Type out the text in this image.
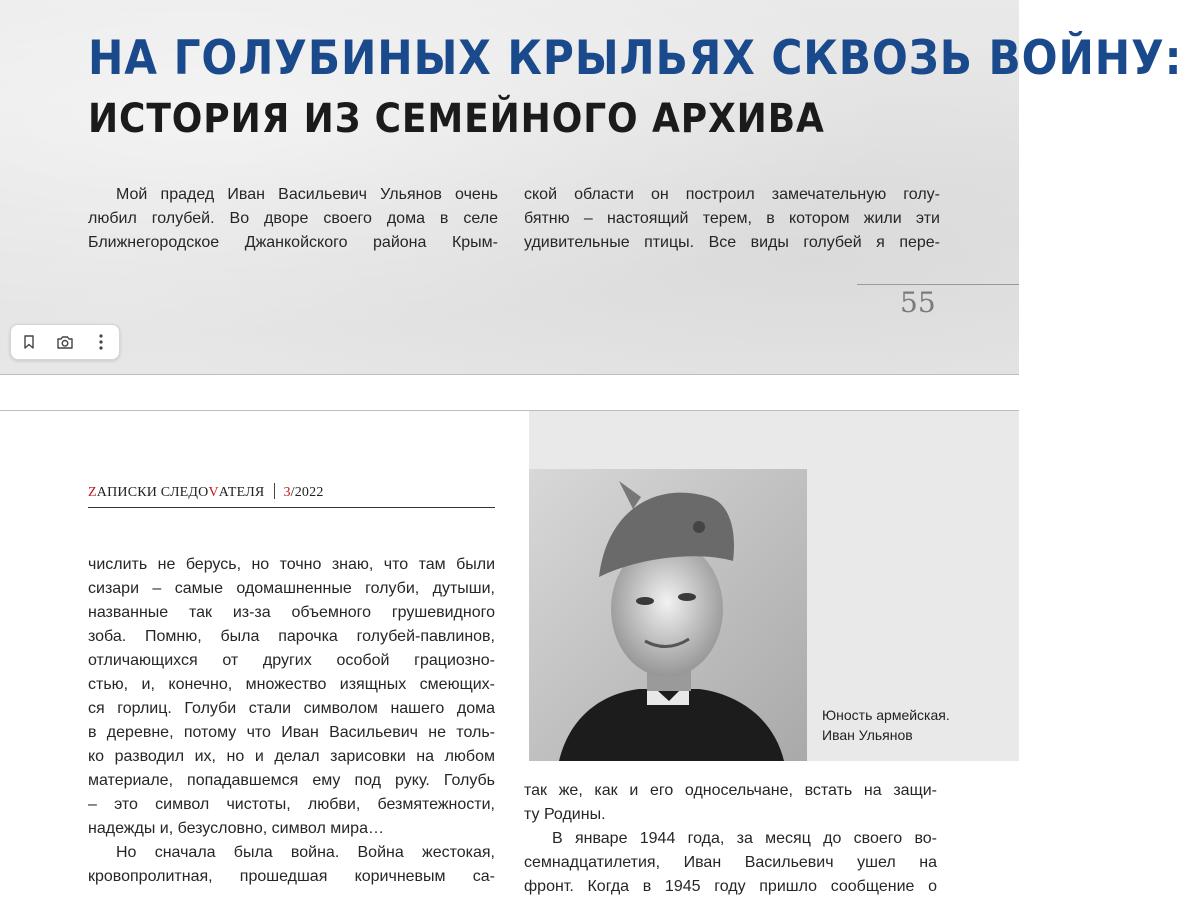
НА ГОЛУБИНЫХ КРЫЛЬЯХ СКВОЗЬ ВОЙНУ:
ИСТОРИЯ ИЗ СЕМЕЙНОГО АРХИВА
Мой прадед Иван Васильевич Ульянов очень
любил голубей. Во дворе своего дома в селе
Ближнегородское Джанкойского района Крым-
ской области он построил замечательную голу-
бятню – настоящий терем, в котором жили эти
удивительные птицы. Все виды голубей я пере-
55
ZАПИСКИ СЛЕДОVАТЕЛЯ 3/2022
числить не берусь, но точно знаю, что там были
сизари – самые одомашненные голуби, дутыши,
названные так из-за объемного грушевидного
зоба. Помню, была парочка голубей-павлинов,
отличающихся от других особой грациозно-
стью, и, конечно, множество изящных смеющих-
ся горлиц. Голуби стали символом нашего дома
в деревне, потому что Иван Васильевич не толь-
ко разводил их, но и делал зарисовки на любом
материале, попадавшемся ему под руку. Голубь
– это символ чистоты, любви, безмятежности,
надежды и, безусловно, символ мира…
Но сначала была война. Война жестокая,
кровопролитная, прошедшая коричневым са-
Юность армейская.
Иван Ульянов
так же, как и его односельчане, встать на защи-
ту Родины.
В январе 1944 года, за месяц до своего во-
семнадцатилетия, Иван Васильевич ушел на
фронт. Когда в 1945 году пришло сообщение о
